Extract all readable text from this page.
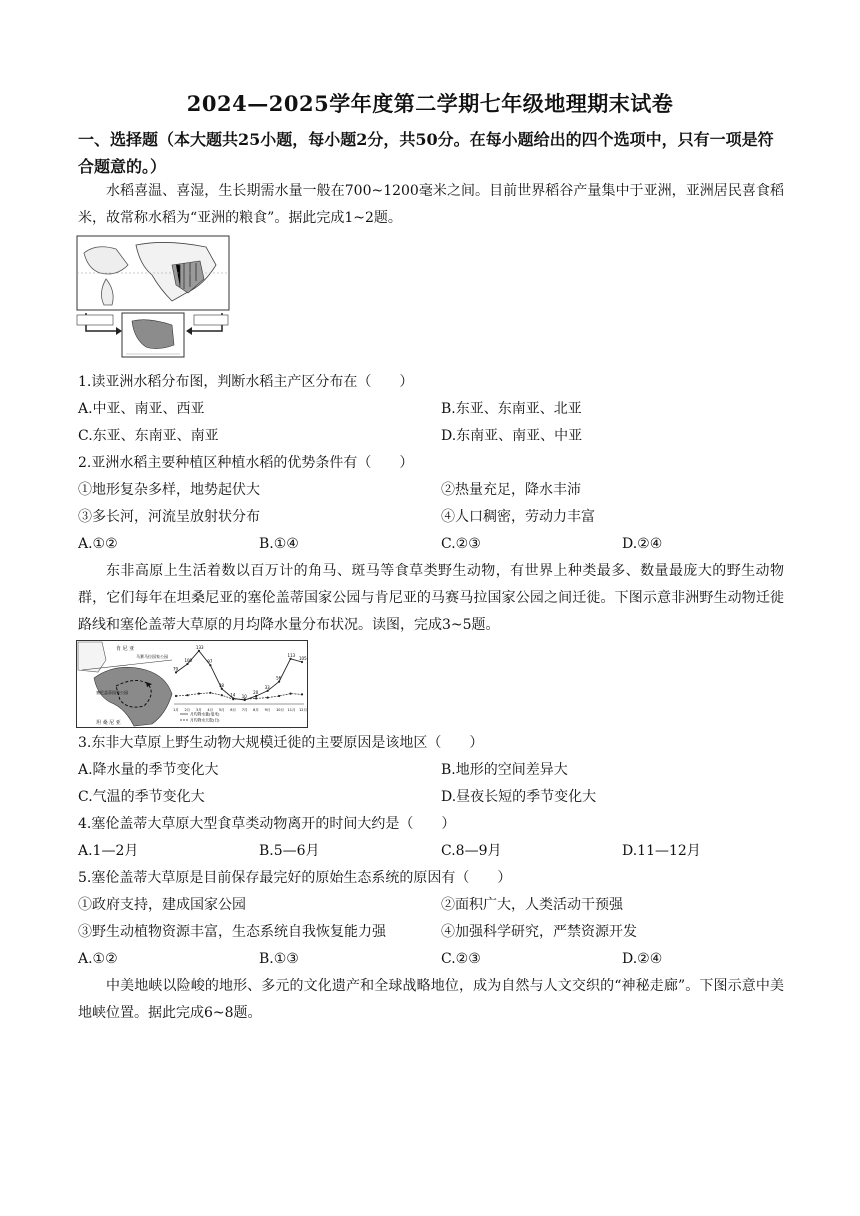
2024—2025学年度第二学期七年级地理期末试卷
一、选择题（本大题共25小题，每小题2分，共50分。在每小题给出的四个选项中，只有一项是符合题意的。）
水稻喜温、喜湿，生长期需水量一般在700~1200毫米之间。目前世界稻谷产量集中于亚洲，亚洲居民喜食稻米，故常称水稻为“亚洲的粮食”。据此完成1~2题。
1.读亚洲水稻分布图，判断水稻主产区分布在（　　）
A.中亚、南亚、西亚	B.东亚、东南亚、北亚
C.东亚、东南亚、南亚	D.东南亚、南亚、中亚
2.亚洲水稻主要种植区种植水稻的优势条件有（　　）
①地形复杂多样，地势起伏大	②热量充足，降水丰沛
③多长河，河流呈放射状分布	④人口稠密，劳动力丰富
A.①②	B.①④	C.②③	D.②④
东非高原上生活着数以百万计的角马、斑马等食草类野生动物，有世界上种类最多、数量最庞大的野生动物群，它们每年在坦桑尼亚的塞伦盖蒂国家公园与肯尼亚的马赛马拉国家公园之间迁徙。下图示意非洲野生动物迁徙路线和塞伦盖蒂大草原的月均降水量分布状况。读图，完成3~5题。
肯 尼 亚
马赛马拉国家公园
塞伦盖蒂国家公园
坦 桑 尼 亚
79
100
133
97
38
14 10
20
33
56
113
105
1月 2月 3月 4月 5月 6月 7月 8月 9月 10月 11月 12月
月均降水量(毫米)
月均降水天数(日)
3.东非大草原上野生动物大规模迁徙的主要原因是该地区（　　）
A.降水量的季节变化大	B.地形的空间差异大
C.气温的季节变化大	D.昼夜长短的季节变化大
4.塞伦盖蒂大草原大型食草类动物离开的时间大约是（　　）
A.1—2月	B.5—6月	C.8—9月	D.11—12月
5.塞伦盖蒂大草原是目前保存最完好的原始生态系统的原因有（　　）
①政府支持，建成国家公园	②面积广大，人类活动干预强
③野生动植物资源丰富，生态系统自我恢复能力强	④加强科学研究，严禁资源开发
A.①②	B.①③	C.②③	D.②④
中美地峡以险峻的地形、多元的文化遗产和全球战略地位，成为自然与人文交织的“神秘走廊”。下图示意中美地峡位置。据此完成6~8题。
